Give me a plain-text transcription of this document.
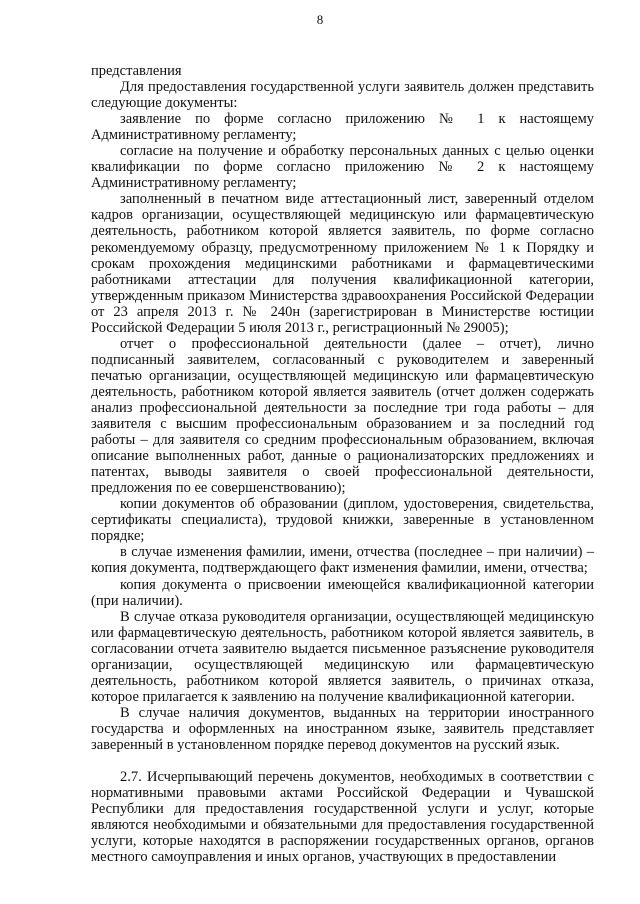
8

представления

Для предоставления государственной услуги заявитель должен представить следующие документы:

заявление по форме согласно приложению № 1 к настоящему Административному регламенту;

согласие на получение и обработку персональных данных с целью оценки квалификации по форме согласно приложению № 2 к настоящему Административному регламенту;

заполненный в печатном виде аттестационный лист, заверенный отделом кадров организации, осуществляющей медицинскую или фармацевтическую деятельность, работником которой является заявитель, по форме согласно рекомендуемому образцу, предусмотренному приложением № 1 к Порядку и срокам прохождения медицинскими работниками и фармацевтическими работниками аттестации для получения квалификационной категории, утвержденным приказом Министерства здравоохранения Российской Федерации от 23 апреля 2013 г. № 240н (зарегистрирован в Министерстве юстиции Российской Федерации 5 июля 2013 г., регистрационный № 29005);

отчет о профессиональной деятельности (далее – отчет), лично подписанный заявителем, согласованный с руководителем и заверенный печатью организации, осуществляющей медицинскую или фармацевтическую деятельность, работником которой является заявитель (отчет должен содержать анализ профессиональной деятельности за последние три года работы – для заявителя с высшим профессиональным образованием и за последний год работы – для заявителя со средним профессиональным образованием, включая описание выполненных работ, данные о рационализаторских предложениях и патентах, выводы заявителя о своей профессиональной деятельности, предложения по ее совершенствованию);

копии документов об образовании (диплом, удостоверения, свидетельства, сертификаты специалиста), трудовой книжки, заверенные в установленном порядке;

в случае изменения фамилии, имени, отчества (последнее – при наличии) – копия документа, подтверждающего факт изменения фамилии, имени, отчества;

копия документа о присвоении имеющейся квалификационной категории (при наличии).

В случае отказа руководителя организации, осуществляющей медицинскую или фармацевтическую деятельность, работником которой является заявитель, в согласовании отчета заявителю выдается письменное разъяснение руководителя организации, осуществляющей медицинскую или фармацевтическую деятельность, работником которой является заявитель, о причинах отказа, которое прилагается к заявлению на получение квалификационной категории.

В случае наличия документов, выданных на территории иностранного государства и оформленных на иностранном языке, заявитель представляет заверенный в установленном порядке перевод документов на русский язык.

2.7. Исчерпывающий перечень документов, необходимых в соответствии с нормативными правовыми актами Российской Федерации и Чувашской Республики для предоставления государственной услуги и услуг, которые являются необходимыми и обязательными для предоставления государственной услуги, которые находятся в распоряжении государственных органов, органов местного самоуправления и иных органов, участвующих в предоставлении
